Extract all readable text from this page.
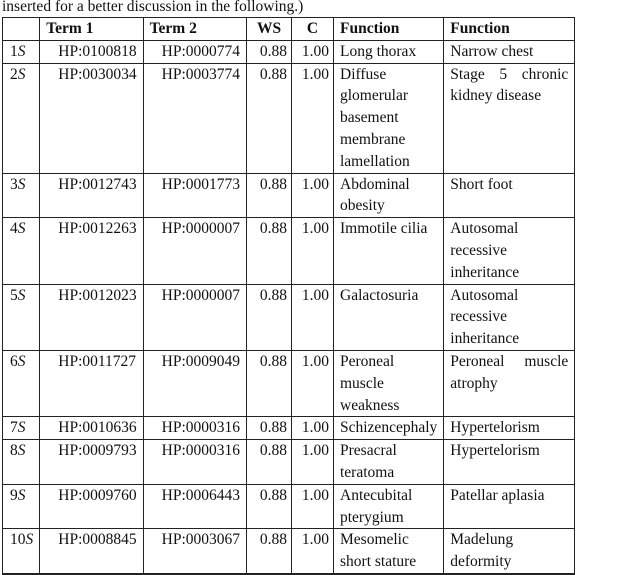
inserted for a better discussion in the following.)
	Term 1	Term 2	WS	C	Function	Function
1S	HP:0100818	HP:0000774	0.88	1.00	Long thorax	Narrow chest
2S	HP:0030034	HP:0003774	0.88	1.00	Diffuse glomerular basement membrane lamellation	Stage 5 chronic kidney disease
3S	HP:0012743	HP:0001773	0.88	1.00	Abdominal obesity	Short foot
4S	HP:0012263	HP:0000007	0.88	1.00	Immotile cilia	Autosomal recessive inheritance
5S	HP:0012023	HP:0000007	0.88	1.00	Galactosuria	Autosomal recessive inheritance
6S	HP:0011727	HP:0009049	0.88	1.00	Peroneal muscle weakness	Peroneal muscle atrophy
7S	HP:0010636	HP:0000316	0.88	1.00	Schizencephaly	Hypertelorism
8S	HP:0009793	HP:0000316	0.88	1.00	Presacral teratoma	Hypertelorism
9S	HP:0009760	HP:0006443	0.88	1.00	Antecubital pterygium	Patellar aplasia
10S	HP:0008845	HP:0003067	0.88	1.00	Mesomelic short stature	Madelung deformity
